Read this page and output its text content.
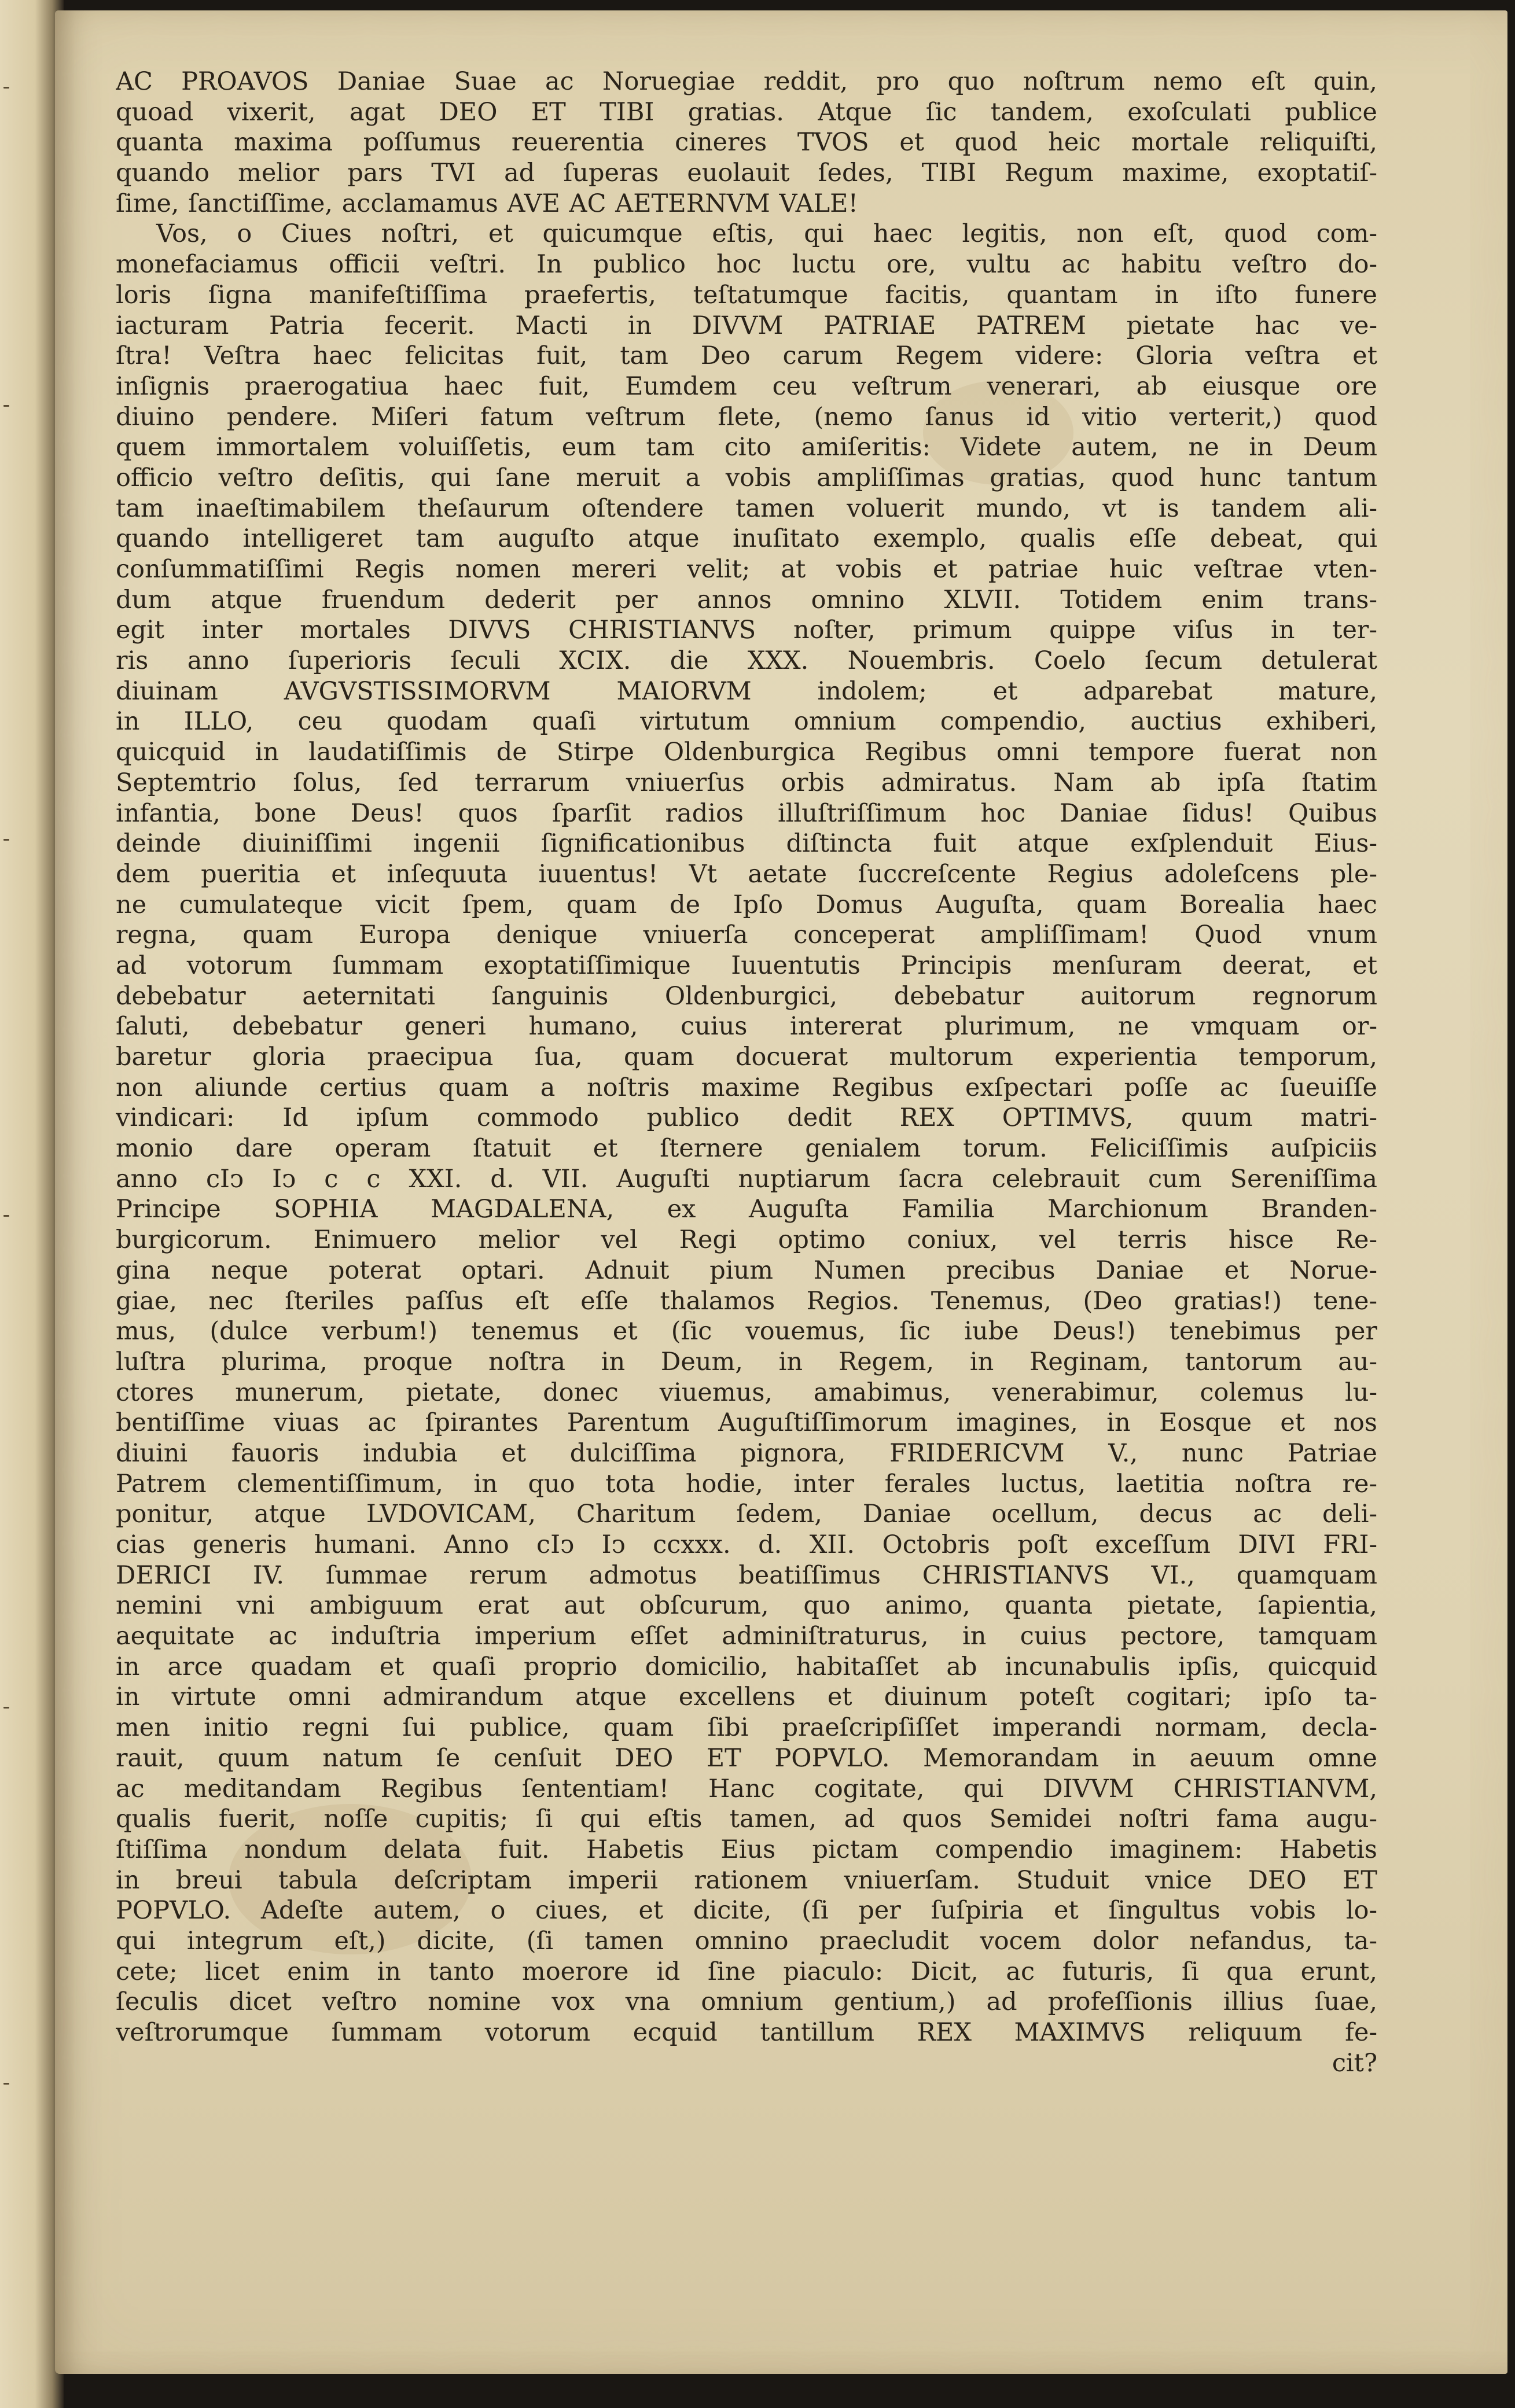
AC PROAVOS Daniae Suae ac Noruegiae reddit, pro quo noſtrum nemo eſt quin,
quoad vixerit, agat DEO ET TIBI gratias. Atque ſic tandem, exoſculati publice
quanta maxima poſſumus reuerentia cineres TVOS et quod heic mortale reliquiſti,
quando melior pars TVI ad ſuperas euolauit ſedes, TIBI Regum maxime, exoptatiſ-
ſime, ſanctiſſime, acclamamus AVE AC AETERNVM VALE!
Vos, o Ciues noſtri, et quicumque eſtis, qui haec legitis, non eſt, quod com-
monefaciamus officii veſtri. In publico hoc luctu ore, vultu ac habitu veſtro do-
loris ſigna manifeſtiſſima praefertis, teſtatumque facitis, quantam in iſto funere
iacturam Patria fecerit. Macti in DIVVM PATRIAE PATREM pietate hac ve-
ſtra! Veſtra haec felicitas fuit, tam Deo carum Regem videre: Gloria veſtra et
inſignis praerogatiua haec fuit, Eumdem ceu veſtrum venerari, ab eiusque ore
diuino pendere. Miſeri fatum veſtrum flete, (nemo ſanus id vitio verterit,) quod
quem immortalem voluiſſetis, eum tam cito amiſeritis: Videte autem, ne in Deum
officio veſtro deſitis, qui ſane meruit a vobis ampliſſimas gratias, quod hunc tantum
tam inaeſtimabilem theſaurum oſtendere tamen voluerit mundo, vt is tandem ali-
quando intelligeret tam auguſto atque inuſitato exemplo, qualis eſſe debeat, qui
conſummatiſſimi Regis nomen mereri velit; at vobis et patriae huic veſtrae vten-
dum atque fruendum dederit per annos omnino XLVII. Totidem enim trans-
egit inter mortales DIVVS CHRISTIANVS noſter, primum quippe viſus in ter-
ris anno ſuperioris ſeculi XCIX. die XXX. Nouembris. Coelo ſecum detulerat
diuinam AVGVSTISSIMORVM MAIORVM indolem; et adparebat mature,
in ILLO, ceu quodam quaſi virtutum omnium compendio, auctius exhiberi,
quicquid in laudatiſſimis de Stirpe Oldenburgica Regibus omni tempore fuerat non
Septemtrio ſolus, ſed terrarum vniuerſus orbis admiratus. Nam ab ipſa ſtatim
infantia, bone Deus! quos ſparſit radios illuſtriſſimum hoc Daniae ſidus! Quibus
deinde diuiniſſimi ingenii ſignificationibus diſtincta fuit atque exſplenduit Eius-
dem pueritia et inſequuta iuuentus! Vt aetate ſuccreſcente Regius adoleſcens ple-
ne cumulateque vicit ſpem, quam de Ipſo Domus Auguſta, quam Borealia haec
regna, quam Europa denique vniuerſa conceperat ampliſſimam! Quod vnum
ad votorum ſummam exoptatiſſimique Iuuentutis Principis menſuram deerat, et
debebatur aeternitati ſanguinis Oldenburgici, debebatur auitorum regnorum
ſaluti, debebatur generi humano, cuius intererat plurimum, ne vmquam or-
baretur gloria praecipua ſua, quam docuerat multorum experientia temporum,
non aliunde certius quam a noſtris maxime Regibus exſpectari poſſe ac ſueuiſſe
vindicari: Id ipſum commodo publico dedit REX OPTIMVS, quum matri-
monio dare operam ſtatuit et ſternere genialem torum. Feliciſſimis auſpiciis
anno cIↄ Iↄ c c XXI. d. VII. Auguſti nuptiarum ſacra celebrauit cum Sereniſſima
Principe SOPHIA MAGDALENA, ex Auguſta Familia Marchionum Branden-
burgicorum. Enimuero melior vel Regi optimo coniux, vel terris hisce Re-
gina neque poterat optari. Adnuit pium Numen precibus Daniae et Norue-
giae, nec ſteriles paſſus eſt eſſe thalamos Regios. Tenemus, (Deo gratias!) tene-
mus, (dulce verbum!) tenemus et (ſic vouemus, ſic iube Deus!) tenebimus per
luſtra plurima, proque noſtra in Deum, in Regem, in Reginam, tantorum au-
ctores munerum, pietate, donec viuemus, amabimus, venerabimur, colemus lu-
bentiſſime viuas ac ſpirantes Parentum Auguſtiſſimorum imagines, in Eosque et nos
diuini fauoris indubia et dulciſſima pignora, FRIDERICVM V., nunc Patriae
Patrem clementiſſimum, in quo tota hodie, inter ferales luctus, laetitia noſtra re-
ponitur, atque LVDOVICAM, Charitum ſedem, Daniae ocellum, decus ac deli-
cias generis humani. Anno cIↄ Iↄ ccxxx. d. XII. Octobris poſt exceſſum DIVI FRI-
DERICI IV. ſummae rerum admotus beatiſſimus CHRISTIANVS VI., quamquam
nemini vni ambiguum erat aut obſcurum, quo animo, quanta pietate, ſapientia,
aequitate ac induſtria imperium eſſet adminiſtraturus, in cuius pectore, tamquam
in arce quadam et quaſi proprio domicilio, habitaſſet ab incunabulis ipſis, quicquid
in virtute omni admirandum atque excellens et diuinum poteſt cogitari; ipſo ta-
men initio regni ſui publice, quam ſibi praeſcripſiſſet imperandi normam, decla-
rauit, quum natum ſe cenſuit DEO ET POPVLO. Memorandam in aeuum omne
ac meditandam Regibus ſententiam! Hanc cogitate, qui DIVVM CHRISTIANVM,
qualis fuerit, noſſe cupitis; ſi qui eſtis tamen, ad quos Semidei noſtri fama augu-
ſtiſſima nondum delata fuit. Habetis Eius pictam compendio imaginem: Habetis
in breui tabula deſcriptam imperii rationem vniuerſam. Studuit vnice DEO ET
POPVLO. Adeſte autem, o ciues, et dicite, (ſi per ſuſpiria et ſingultus vobis lo-
qui integrum eſt,) dicite, (ſi tamen omnino praecludit vocem dolor nefandus, ta-
cete; licet enim in tanto moerore id ſine piaculo: Dicit, ac futuris, ſi qua erunt,
ſeculis dicet veſtro nomine vox vna omnium gentium,) ad profeſſionis illius ſuae,
veſtrorumque ſummam votorum ecquid tantillum REX MAXIMVS reliquum fe-
cit?
